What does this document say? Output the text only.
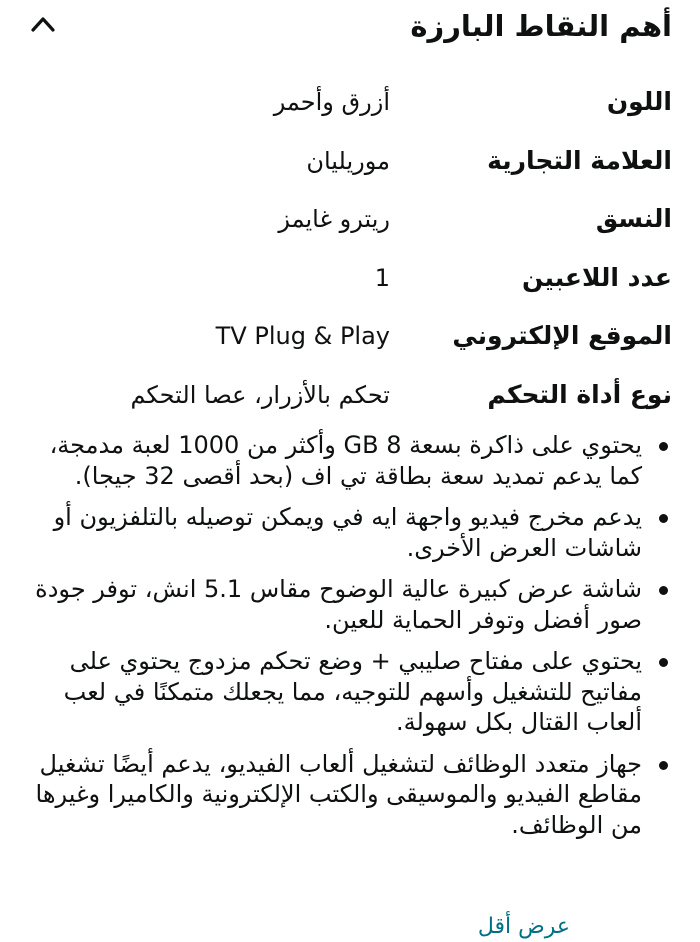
أهم النقاط البارزة
اللون
أزرق وأحمر
العلامة التجارية
موريليان
النسق
ريترو غايمز
عدد اللاعبين
1
الموقع الإلكتروني
TV Plug & Play
نوع أداة التحكم
تحكم بالأزرار، عصا التحكم
يحتوي على ذاكرة بسعة 8 GB وأكثر من 1000 لعبة مدمجة، كما يدعم تمديد سعة بطاقة تي اف (بحد أقصى 32 جيجا).
يدعم مخرج فيديو واجهة ايه في ويمكن توصيله بالتلفزيون أو شاشات العرض الأخرى.
شاشة عرض كبيرة عالية الوضوح مقاس 5.1 انش، توفر جودة صور أفضل وتوفر الحماية للعين.
يحتوي على مفتاح صليبي + وضع تحكم مزدوج يحتوي على مفاتيح للتشغيل وأسهم للتوجيه، مما يجعلك متمكنًا في لعب ألعاب القتال بكل سهولة.
جهاز متعدد الوظائف لتشغيل ألعاب الفيديو، يدعم أيضًا تشغيل مقاطع الفيديو والموسيقى والكتب الإلكترونية والكاميرا وغيرها من الوظائف.
عرض أقل
